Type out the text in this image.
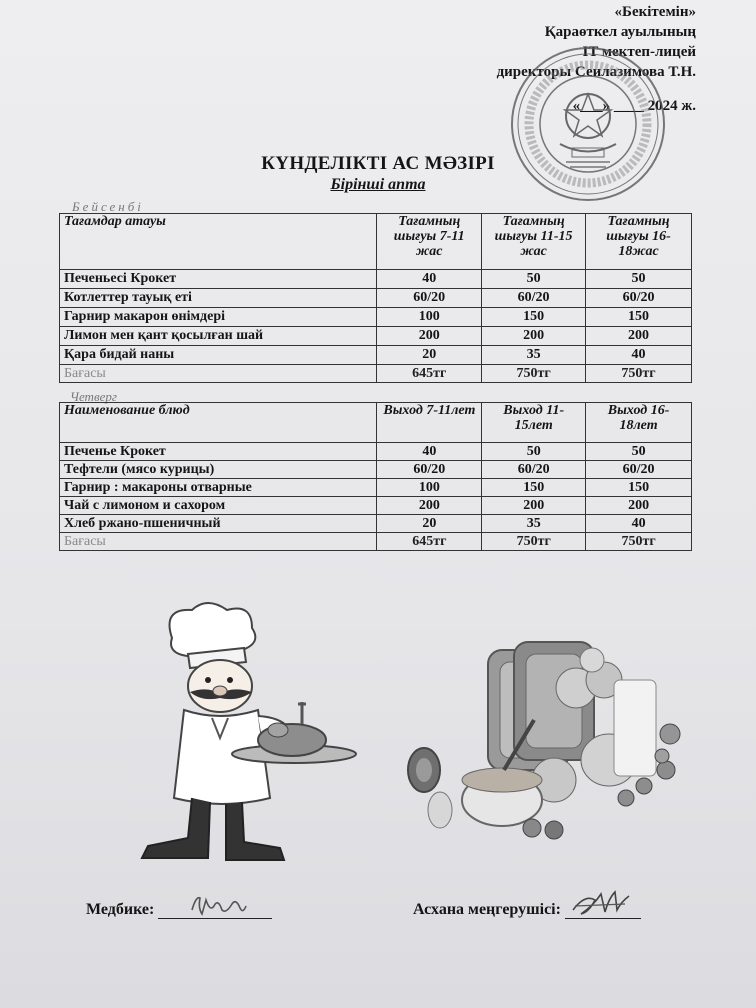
«Бекітемін»
Қараөткел ауылының
IT мектеп-лицей
директоры Сеилазимова Т.Н.
«___» ____ 2024 ж.
КҮНДЕЛІКТІ АС МӘЗІРІ
Бірінші апта
Бейсенбі
Тағамдар атауы	Тағамның шығуы 7-11 жас	Тағамның шығуы 11-15 жас	Тағамның шығуы 16-18жас
Печеньесі Крокет	40	50	50
Котлеттер тауық еті	60/20	60/20	60/20
Гарнир макарон өнімдері	100	150	150
Лимон мен қант қосылған шай	200	200	200
Қара бидай наны	20	35	40
Бағасы	645тг	750тг	750тг
Четверг
Наименование блюд	Выход 7-11лет	Выход 11-15лет	Выход 16-18лет
Печенье Крокет	40	50	50
Тефтели (мясо курицы)	60/20	60/20	60/20
Гарнир : макароны отварные	100	150	150
Чай с лимоном и сахором	200	200	200
Хлеб ржано-пшеничный	20	35	40
Бағасы	645тг	750тг	750тг
Медбике:	Асхана меңгерушісі:
